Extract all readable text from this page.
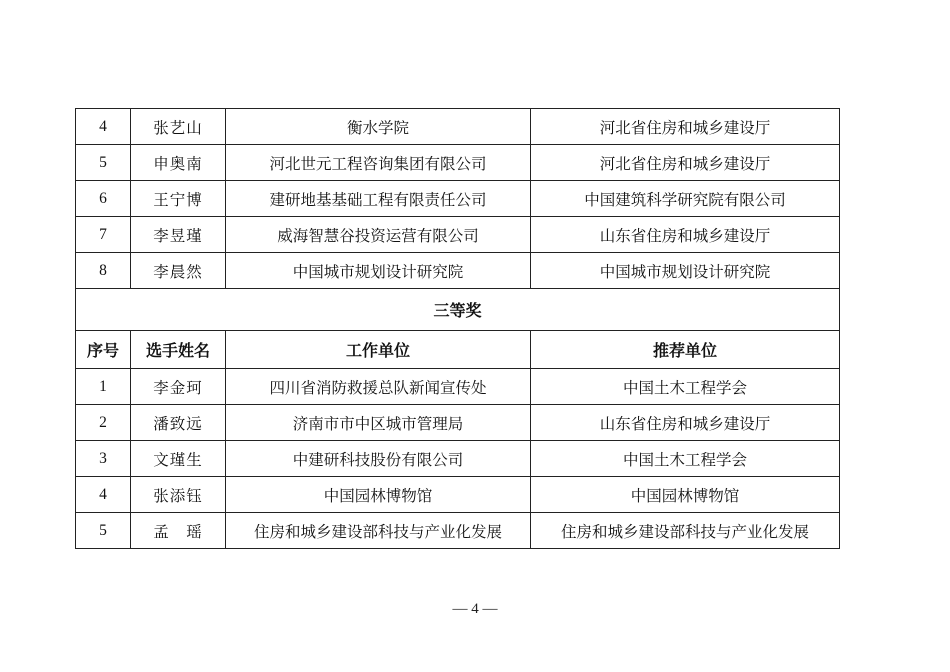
4	张艺山	衡水学院	河北省住房和城乡建设厅
5	申奥南	河北世元工程咨询集团有限公司	河北省住房和城乡建设厅
6	王宁博	建研地基基础工程有限责任公司	中国建筑科学研究院有限公司
7	李昱瑾	威海智慧谷投资运营有限公司	山东省住房和城乡建设厅
8	李晨然	中国城市规划设计研究院	中国城市规划设计研究院
三等奖			
序号	选手姓名	工作单位	推荐单位
1	李金珂	四川省消防救援总队新闻宣传处	中国土木工程学会
2	潘致远	济南市市中区城市管理局	山东省住房和城乡建设厅
3	文瑾生	中建研科技股份有限公司	中国土木工程学会
4	张添钰	中国园林博物馆	中国园林博物馆
5	孟　瑶	住房和城乡建设部科技与产业化发展	住房和城乡建设部科技与产业化发展
— 4 —
